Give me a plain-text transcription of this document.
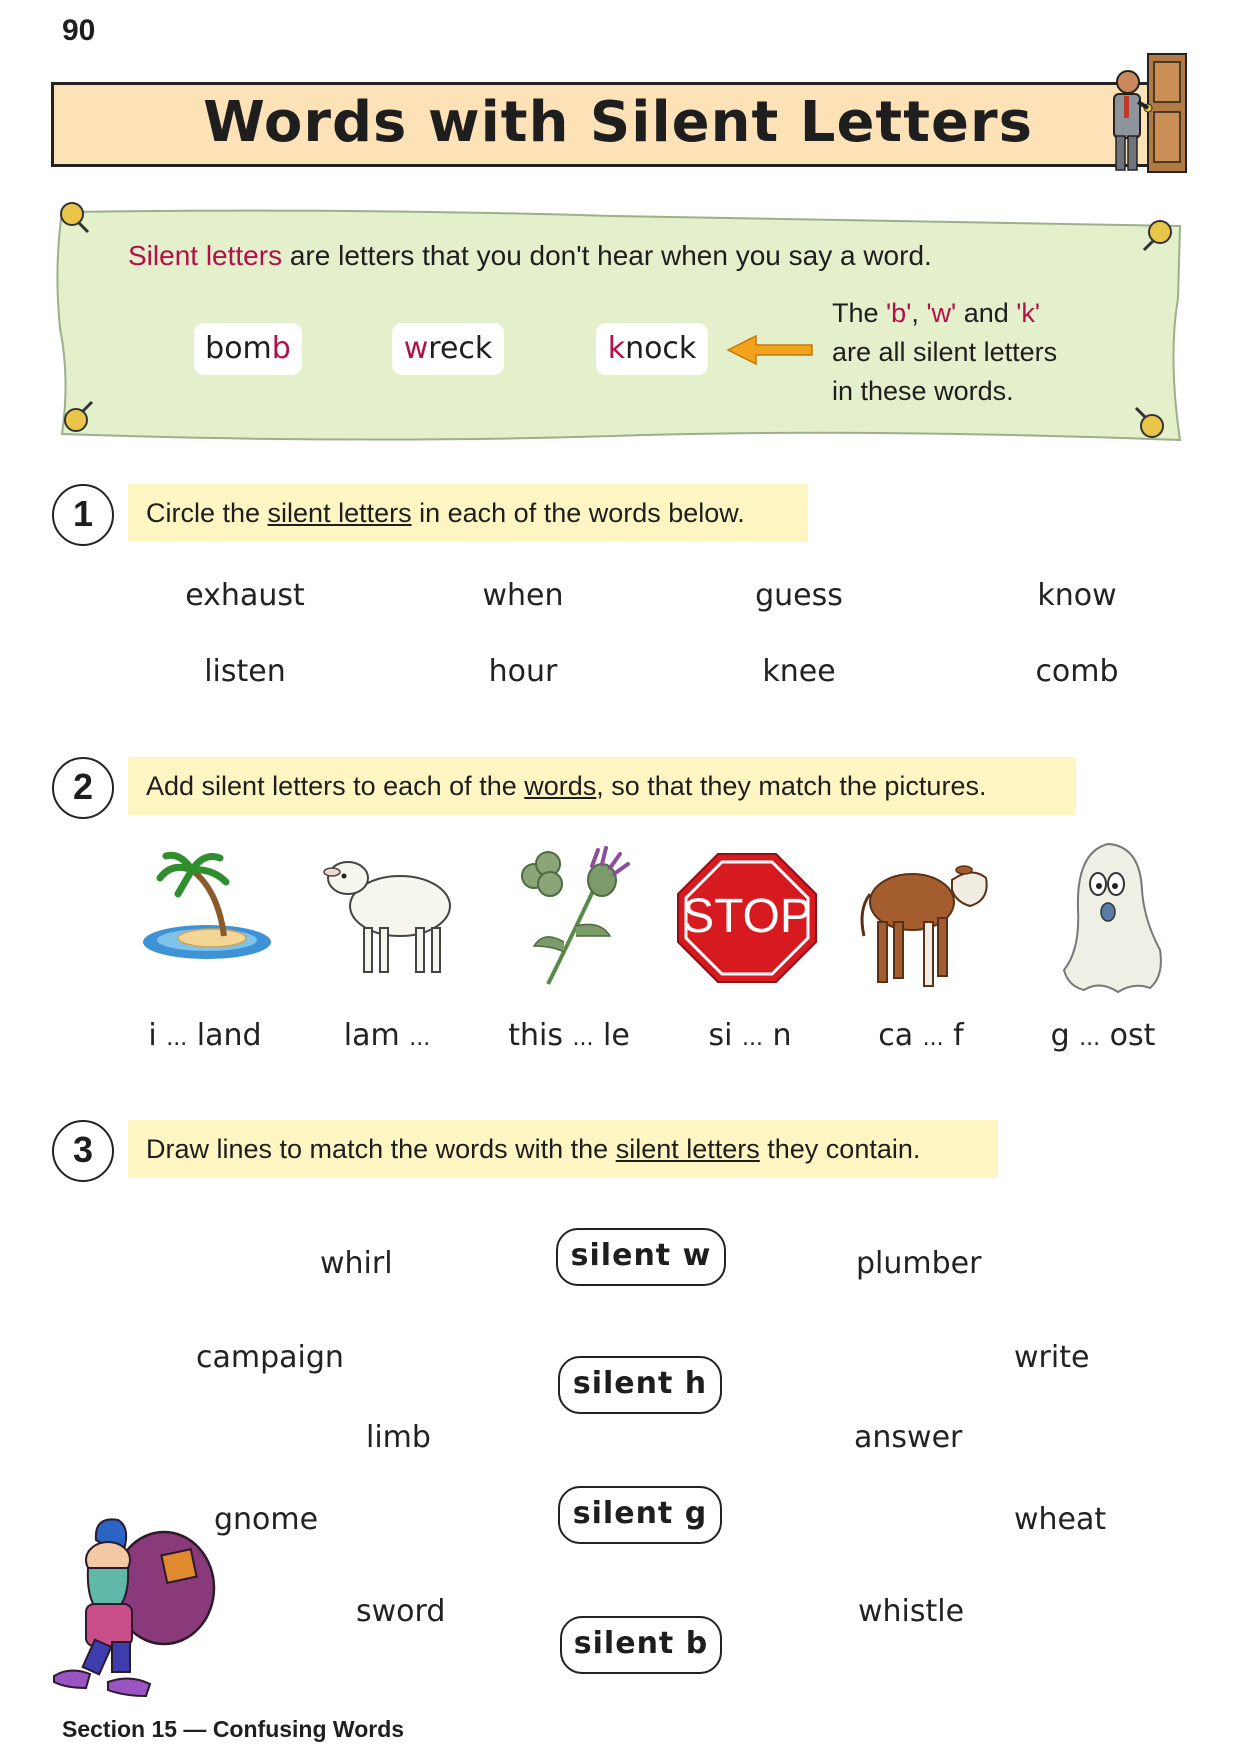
90
Words with Silent Letters
Silent letters are letters that you don't hear when you say a word.
bomb	wreck	knock
The 'b', 'w' and 'k'
are all silent letters
in these words.
1	Circle the silent letters in each of the words below.
exhaust	when	guess	know
listen	hour	knee	comb
2	Add silent letters to each of the words, so that they match the pictures.
STOP
i ... land	lam ...	this ... le	si ... n	ca ... f	g ... ost
3	Draw lines to match the words with the silent letters they contain.
whirl
campaign
limb
gnome
sword
silent w
silent h
silent g
silent b
plumber
write
answer
wheat
whistle
Section 15 — Confusing Words
